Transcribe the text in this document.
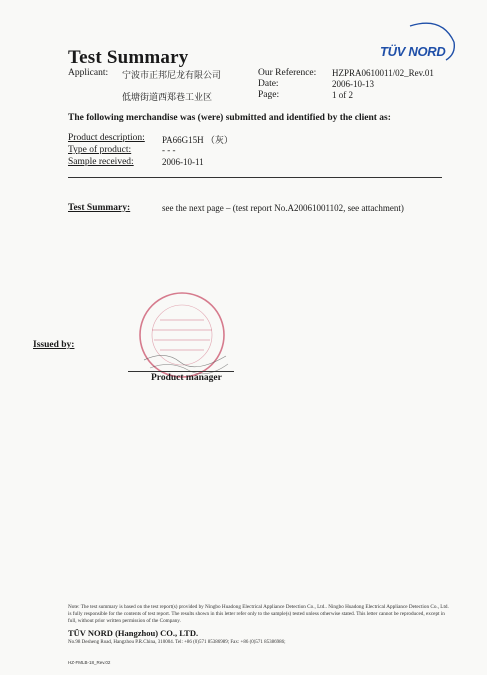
Test Summary	TÜV NORD
Applicant: 宁波市正邦尼龙有限公司
低塘街道西郑巷工业区
Our Reference: HZPRA0610011/02_Rev.01
Date:	2006-10-13
Page:	1 of 2
The following merchandise was (were) submitted and identified by the client as:
Product description: PA66G15H （灰）
Type of product:	- - -
Sample received:	2006-10-11
Test Summary:	see the next page – (test report No.A20061001102, see attachment)
Issued by:
Product manager
Note: The test summary is based on the test report(s) provided by Ningbo Huadong Electrical Appliance Detection Co., Ltd.. Ningbo Huadong Electrical Appliance Detection Co., Ltd. is fully responsible for the contents of test report. The results shown in this letter refer only to the sample(s) tested unless otherwise stated. This letter cannot be reproduced, except in full, without prior written permission of the Company.
TÜV NORD (Hangzhou) CO., LTD.
No.98 Desheng Road, Hangzhou P.R.China, 310004. Tel: +86 (0)571 85386989; Fax: +86 (0)571 85386986;
HZ-FMLB-18_Rev.02
